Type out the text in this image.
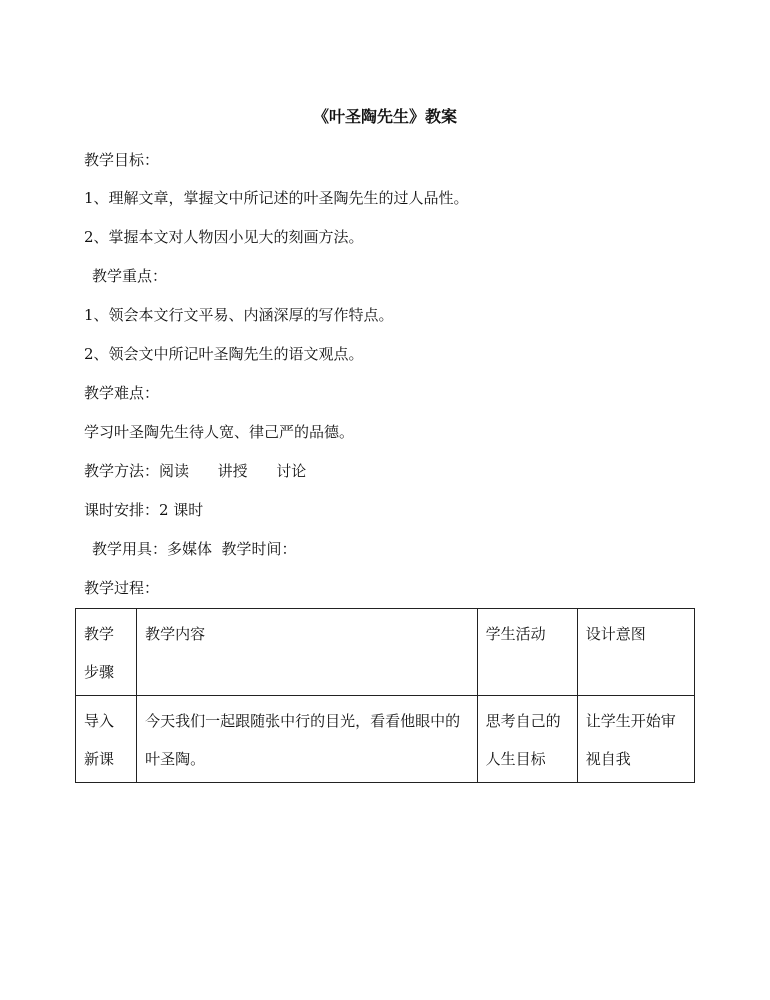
《叶圣陶先生》教案
教学目标：
1、理解文章，掌握文中所记述的叶圣陶先生的过人品性。
2、掌握本文对人物因小见大的刻画方法。
教学重点：
1、领会本文行文平易、内涵深厚的写作特点。
2、领会文中所记叶圣陶先生的语文观点。
教学难点：
学习叶圣陶先生待人宽、律己严的品德。
教学方法：阅读      讲授      讨论
课时安排：2 课时
教学用具：多媒体  教学时间：
教学过程：
教学步骤	教学内容	学生活动	设计意图
导入新课	今天我们一起跟随张中行的目光，看看他眼中的叶圣陶。	思考自己的人生目标	让学生开始审视自我
